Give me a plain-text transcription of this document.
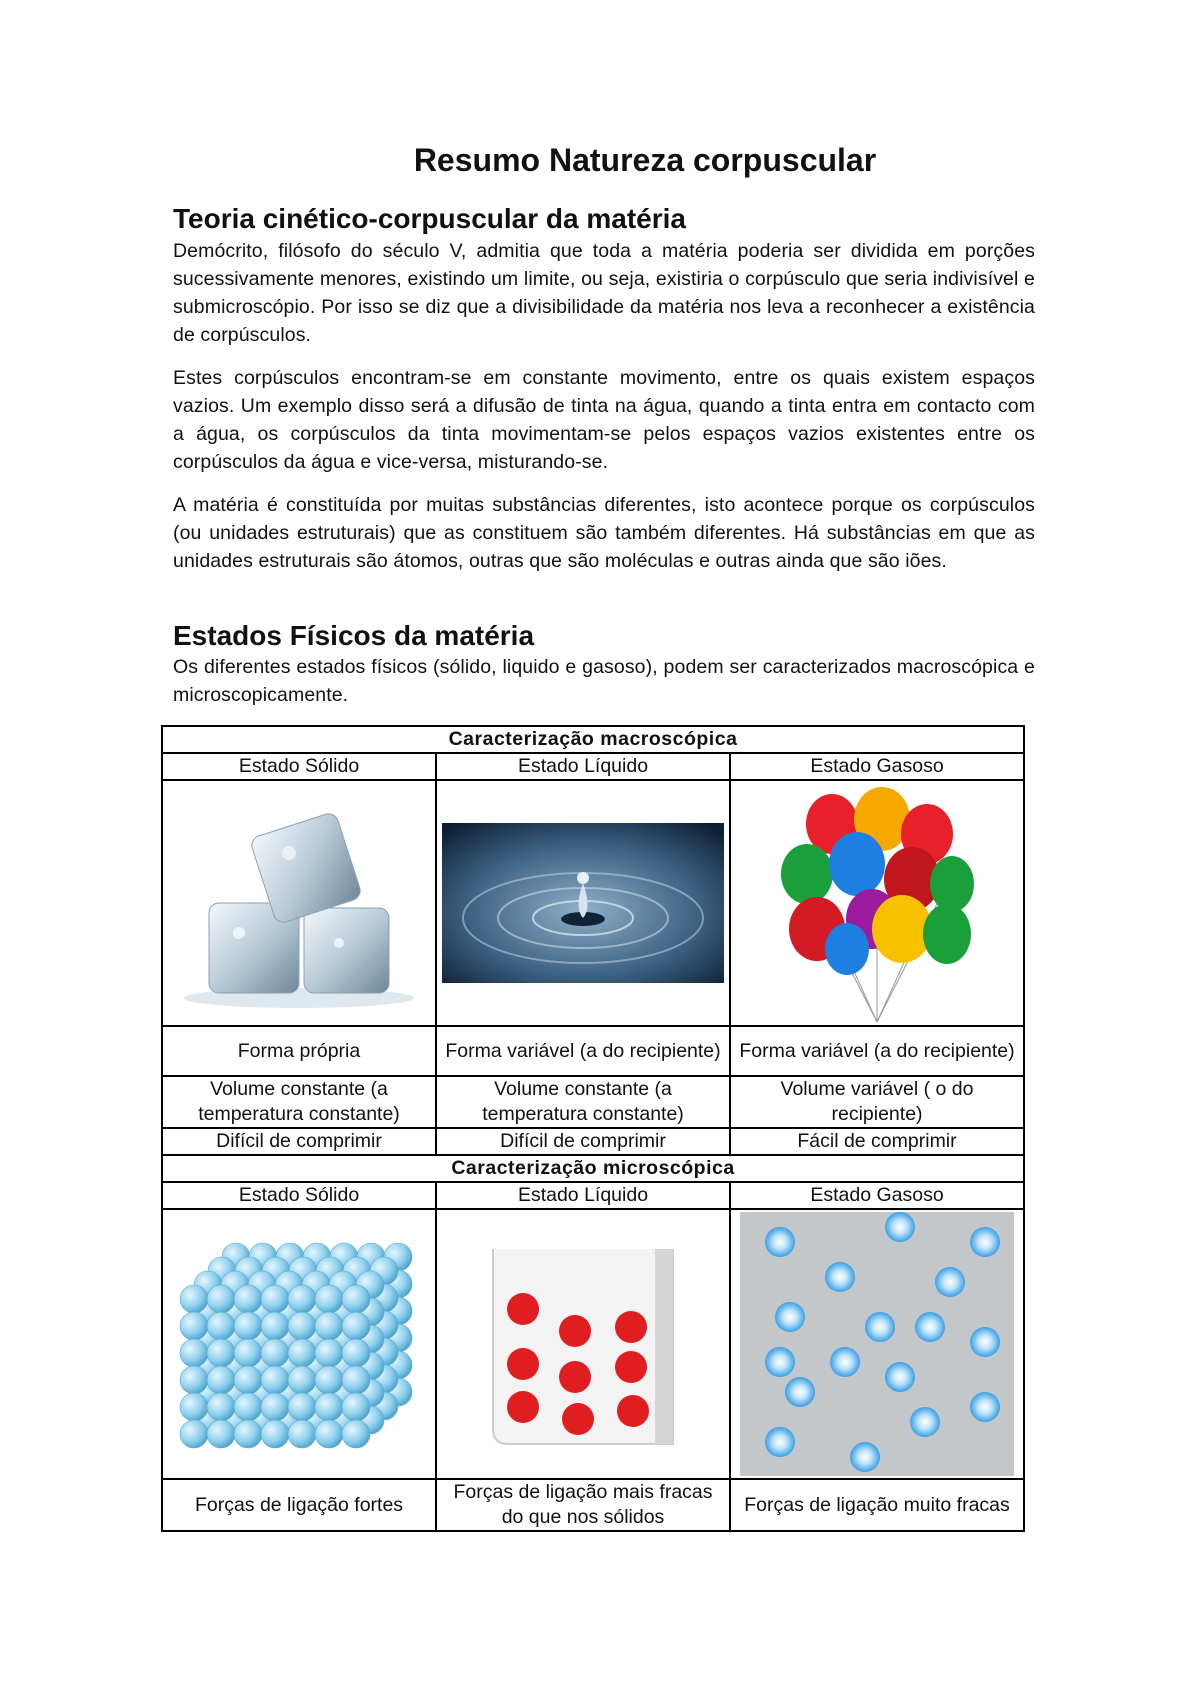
Resumo Natureza corpuscular
Teoria cinético-corpuscular da matéria

Demócrito, filósofo do século V, admitia que toda a matéria poderia ser dividida em porções sucessivamente menores, existindo um limite, ou seja, existiria o corpúsculo que seria indivisível e submicroscópio. Por isso se diz que a divisibilidade da matéria nos leva a reconhecer a existência de corpúsculos.

Estes corpúsculos encontram-se em constante movimento, entre os quais existem espaços vazios. Um exemplo disso será a difusão de tinta na água, quando a tinta entra em contacto com a água, os corpúsculos da tinta movimentam-se pelos espaços vazios existentes entre os corpúsculos da água e vice-versa, misturando-se.

A matéria é constituída por muitas substâncias diferentes, isto acontece porque os corpúsculos (ou unidades estruturais) que as constituem são também diferentes. Há substâncias em que as unidades estruturais são átomos, outras que são moléculas e outras ainda que são iões.

Estados Físicos da matéria

Os diferentes estados físicos (sólido, liquido e gasoso), podem ser caracterizados macroscópica e microscopicamente.

Caracterização macroscópica		
Estado Sólido	Estado Líquido	Estado Gasoso

Forma própria	Forma variável (a do recipiente)	Forma variável (a do recipiente)
Volume constante (a temperatura constante)	Volume constante (a temperatura constante)	Volume variável ( o do recipiente)
Difícil de comprimir	Difícil de comprimir	Fácil de comprimir
Caracterização microscópica		
Estado Sólido	Estado Líquido	Estado Gasoso

Forças de ligação fortes	Forças de ligação mais fracas do que nos sólidos	Forças de ligação muito fracas
